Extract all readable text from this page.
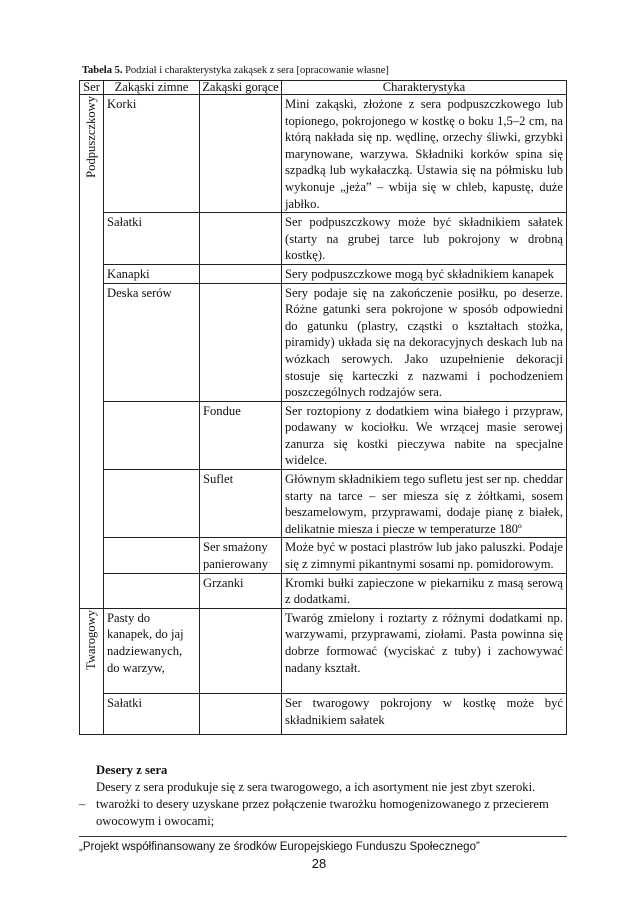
Tabela 5. Podział i charakterystyka zakąsek z sera [opracowanie własne]
Ser	Zakąski zimne	Zakąski gorące	Charakterystyka

Podpuszczkowy	Korki		Mini zakąski, złożone z sera podpuszczkowego lub topionego, pokrojonego w kostkę o boku 1,5–2 cm, na którą nakłada się np. wędlinę, orzechy śliwki, grzybki marynowane, warzywa. Składniki korków spina się szpadką lub wykałaczką. Ustawia się na półmisku lub wykonuje „jeża” – wbija się w chleb, kapustę, duże jabłko.
	Sałatki		Ser podpuszczkowy może być składnikiem sałatek (starty na grubej tarce lub pokrojony w drobną kostkę).
	Kanapki		Sery podpuszczkowe mogą być składnikiem kanapek
	Deska serów		Sery podaje się na zakończenie posiłku, po deserze. Różne gatunki sera pokrojone w sposób odpowiedni do gatunku (plastry, cząstki o kształtach stożka, piramidy) układa się na dekoracyjnych deskach lub na wózkach serowych. Jako uzupełnienie dekoracji stosuje się karteczki z nazwami i pochodzeniem poszczególnych rodzajów sera.
		Fondue	Ser roztopiony z dodatkiem wina białego i przypraw, podawany w kociołku. We wrzącej masie serowej zanurza się kostki pieczywa nabite na specjalne widelce.
		Suflet	Głównym składnikiem tego sufletu jest ser np. cheddar starty na tarce – ser miesza się z żółtkami, sosem beszamelowym, przyprawami, dodaje pianę z białek, delikatnie miesza i piecze w temperaturze 180º
		Ser smażony panierowany	Może być w postaci plastrów lub jako paluszki. Podaje się z zimnymi pikantnymi sosami np. pomidorowym.
		Grzanki	Kromki bułki zapieczone w piekarniku z masą serową z dodatkami.

Twarogowy	Pasty do kanapek, do jaj nadziewanych, do warzyw,		Twaróg zmielony i roztarty z różnymi dodatkami np. warzywami, przyprawami, ziołami. Pasta powinna się dobrze formować (wyciskać z tuby) i zachowywać nadany kształt.
	Sałatki		Ser twarogowy pokrojony w kostkę może być składnikiem sałatek
Desery z sera
Desery z sera produkuje się z sera twarogowego, a ich asortyment nie jest zbyt szeroki.
– twarożki to desery uzyskane przez połączenie twarożku homogenizowanego z przecierem owocowym i owocami;
„Projekt współfinansowany ze środków Europejskiego Funduszu Społecznego”
28
